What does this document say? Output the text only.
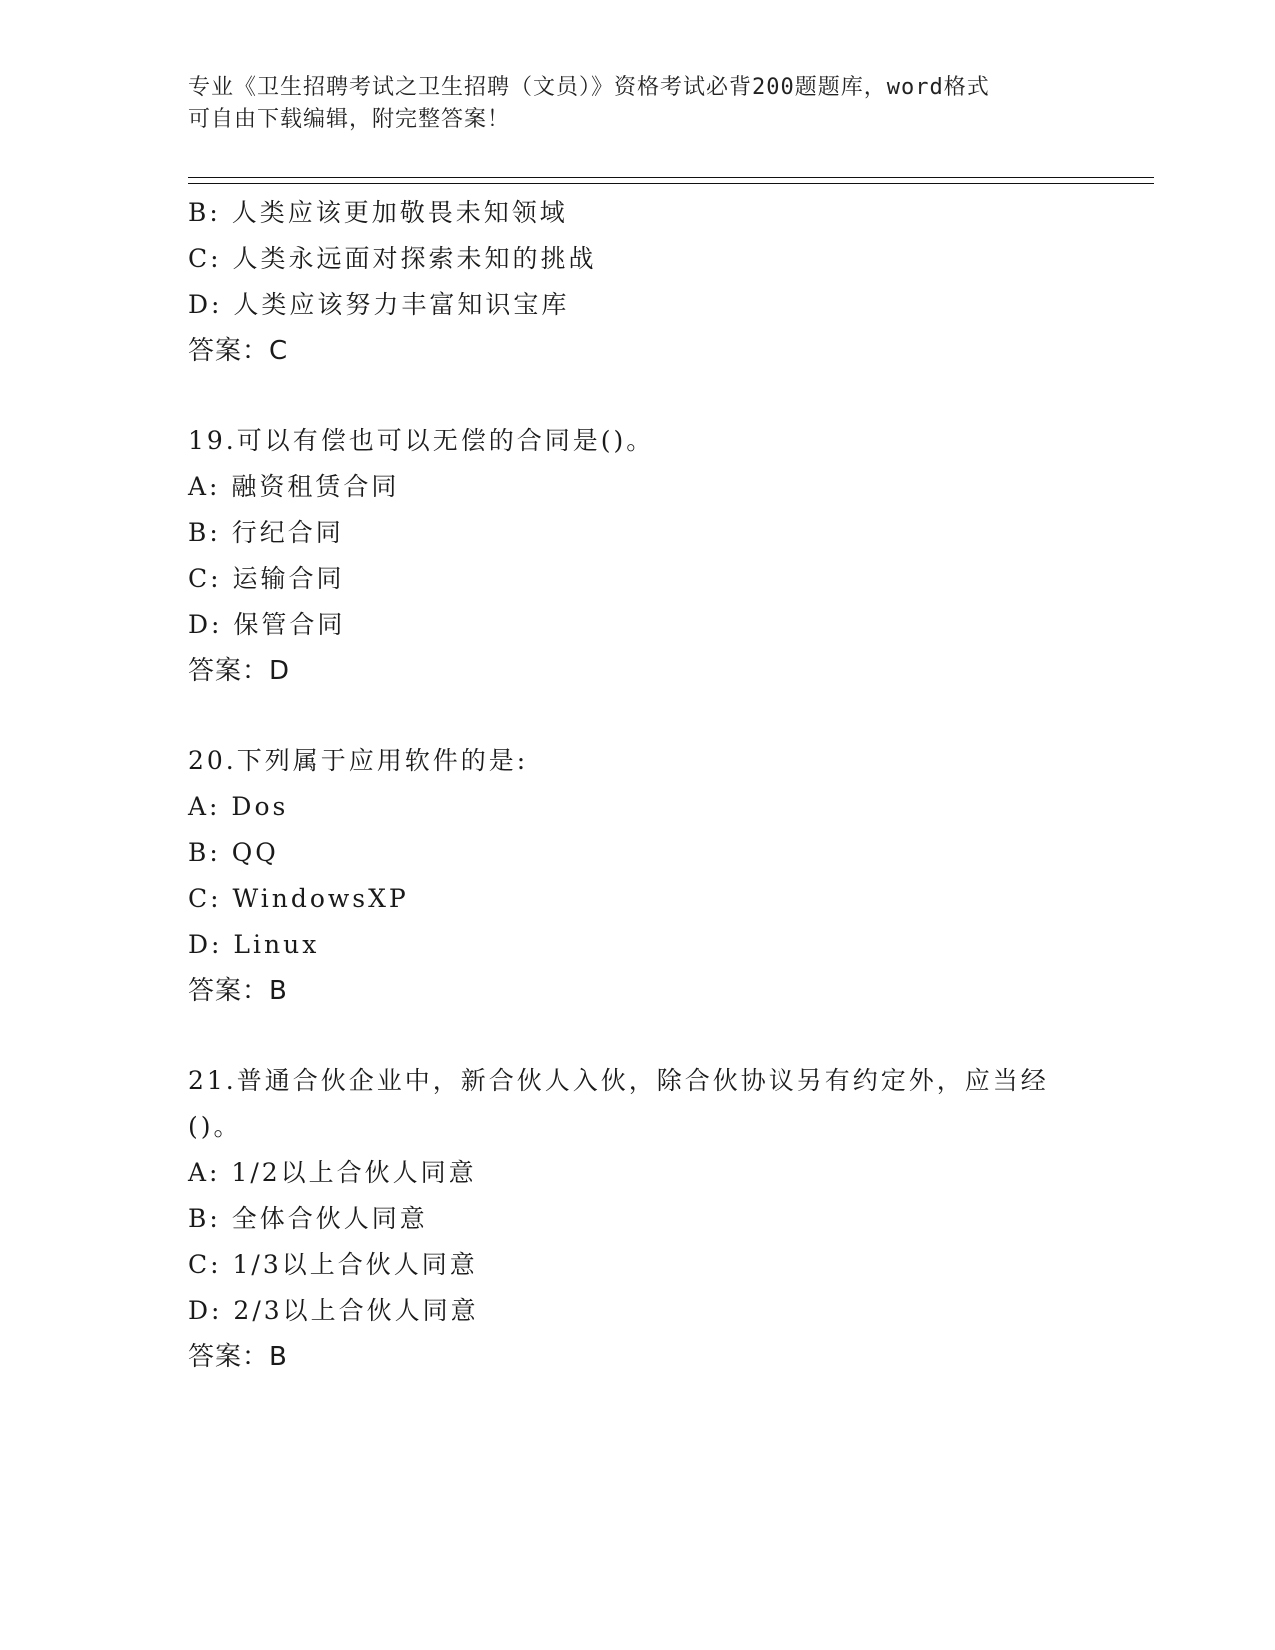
专业《卫生招聘考试之卫生招聘（文员）》资格考试必背200题题库，word格式
可自由下载编辑，附完整答案！
B: 人类应该更加敬畏未知领域
C: 人类永远面对探索未知的挑战
D: 人类应该努力丰富知识宝库
答案：C
19.可以有偿也可以无偿的合同是()。
A: 融资租赁合同
B: 行纪合同
C: 运输合同
D: 保管合同
答案：D
20.下列属于应用软件的是:
A: Dos
B: QQ
C: WindowsXP
D: Linux
答案：B
21.普通合伙企业中，新合伙人入伙，除合伙协议另有约定外，应当经
()。
A: 1/2以上合伙人同意
B: 全体合伙人同意
C: 1/3以上合伙人同意
D: 2/3以上合伙人同意
答案：B
